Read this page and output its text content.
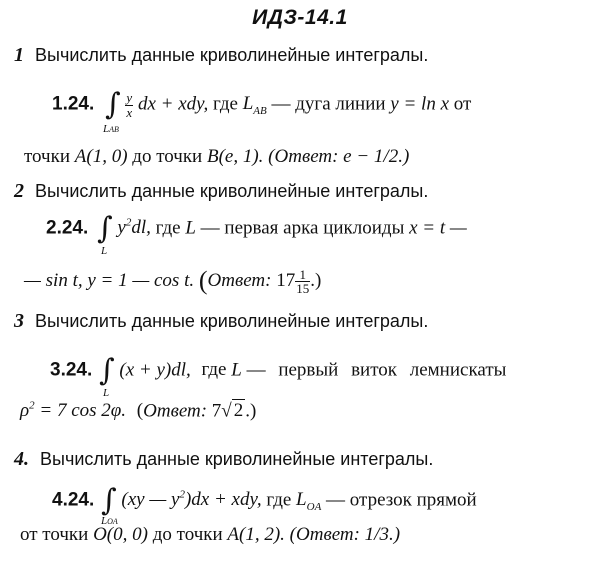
ИДЗ-14.1
1 Вычислить данные криволинейные интегралы.
1.24. ∫
LAB

$\frac{y}{x}$ dx + xdy, где $L_{AB}$ — дуга линии y = ln x от
точки A(1, 0) до точки B(e, 1). (Ответ: e − 1/2.)
2 Вычислить данные криволинейные интегралы.
2.24. ∫
L
$y^2dl$, где L — первая арка циклоиды x = t —
— sin t, y = 1 — cos t. (Ответ: $17 \frac{1}{15}$ .)
3 Вычислить данные криволинейные интегралы.
3.24. ∫
L
(x + y)dl, где L — первый виток лемнискаты
$\rho^2 = 7$ cos 2φ. (Ответ: 7√ 2 .)
4. Вычислить данные криволинейные интегралы.
4.24. ∫
LOA
(xy — $y^2)dx$ + xdy, где $L_{OA}$ — отрезок прямой
от точки O(0, 0) до точки A(1, 2). (Ответ: 1/3.)
